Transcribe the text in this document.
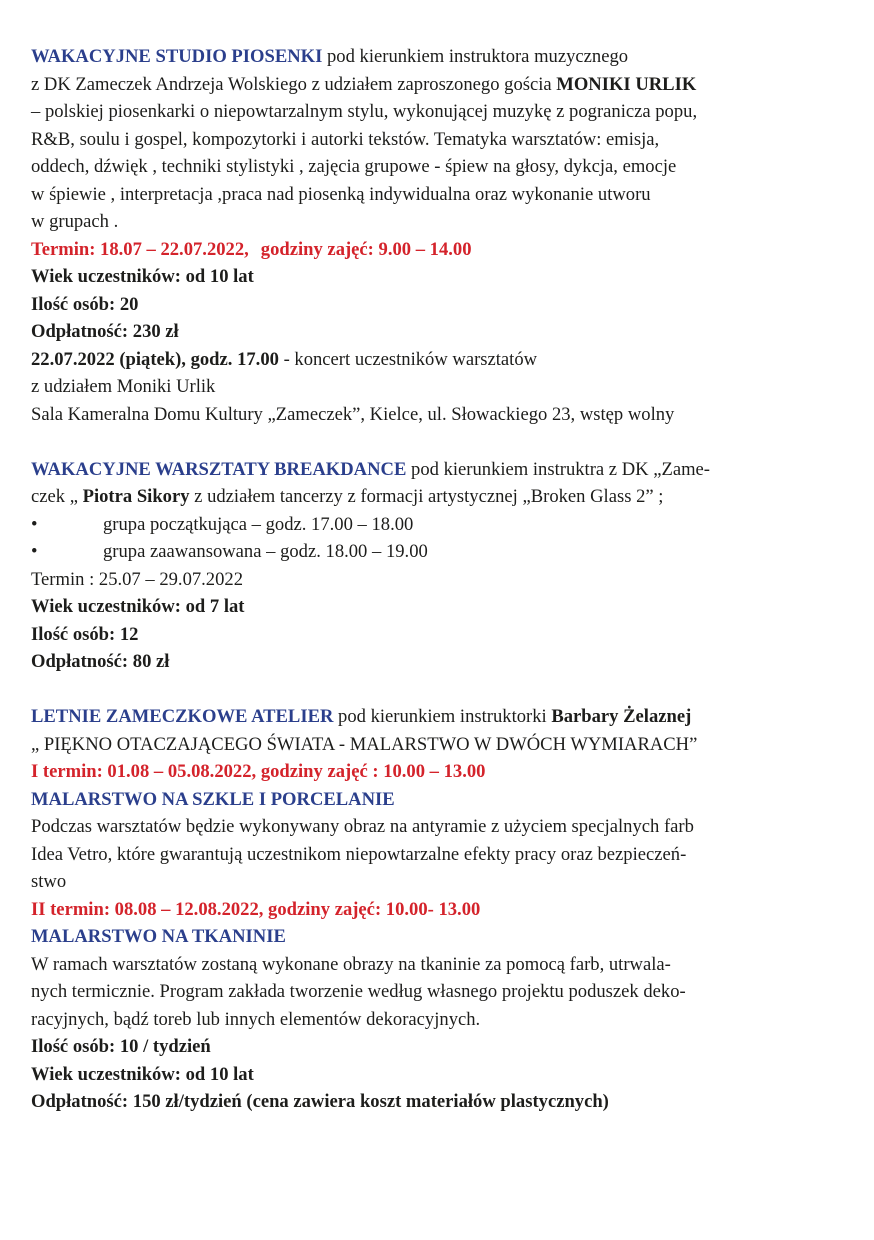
WAKACYJNE STUDIO PIOSENKI pod kierunkiem instruktora muzycznego
z DK Zameczek Andrzeja Wolskiego z udziałem zaproszonego gościa MONIKI URLIK
– polskiej piosenkarki o niepowtarzalnym stylu, wykonującej muzykę z pogranicza popu,
R&B, soulu i gospel, kompozytorki i autorki tekstów. Tematyka warsztatów: emisja,
oddech, dźwięk , techniki stylistyki , zajęcia grupowe - śpiew na głosy, dykcja, emocje
w śpiewie , interpretacja ,praca nad piosenką indywidualna oraz wykonanie utworu
w grupach .
Termin: 18.07 – 22.07.2022, godziny zajęć: 9.00 – 14.00
Wiek uczestników: od 10 lat
Ilość osób: 20
Odpłatność: 230 zł
22.07.2022 (piątek), godz. 17.00 - koncert uczestników warsztatów
z udziałem Moniki Urlik
Sala Kameralna Domu Kultury „Zameczek”, Kielce, ul. Słowackiego 23, wstęp wolny
WAKACYJNE WARSZTATY BREAKDANCE pod kierunkiem instruktra z DK „Zame-
czek „ Piotra Sikory z udziałem tancerzy z formacji artystycznej „Broken Glass 2” ;
•	grupa początkująca – godz. 17.00 – 18.00
•	grupa zaawansowana – godz. 18.00 – 19.00
Termin : 25.07 – 29.07.2022
Wiek uczestników: od 7 lat
Ilość osób: 12
Odpłatność: 80 zł
LETNIE ZAMECZKOWE ATELIER pod kierunkiem instruktorki Barbary Żelaznej
„ PIĘKNO OTACZAJĄCEGO ŚWIATA - MALARSTWO W DWÓCH WYMIARACH”
I termin: 01.08 – 05.08.2022, godziny zajęć : 10.00 – 13.00
MALARSTWO NA SZKLE I PORCELANIE
Podczas warsztatów będzie wykonywany obraz na antyramie z użyciem specjalnych farb
Idea Vetro, które gwarantują uczestnikom niepowtarzalne efekty pracy oraz bezpieczeń-
stwo
II termin: 08.08 – 12.08.2022, godziny zajęć: 10.00- 13.00
MALARSTWO NA TKANINIE
W ramach warsztatów zostaną wykonane obrazy na tkaninie za pomocą farb, utrwala-
nych termicznie. Program zakłada tworzenie według własnego projektu poduszek deko-
racyjnych, bądź toreb lub innych elementów dekoracyjnych.
Ilość osób: 10 / tydzień
Wiek uczestników: od 10 lat
Odpłatność: 150 zł/tydzień (cena zawiera koszt materiałów plastycznych)
